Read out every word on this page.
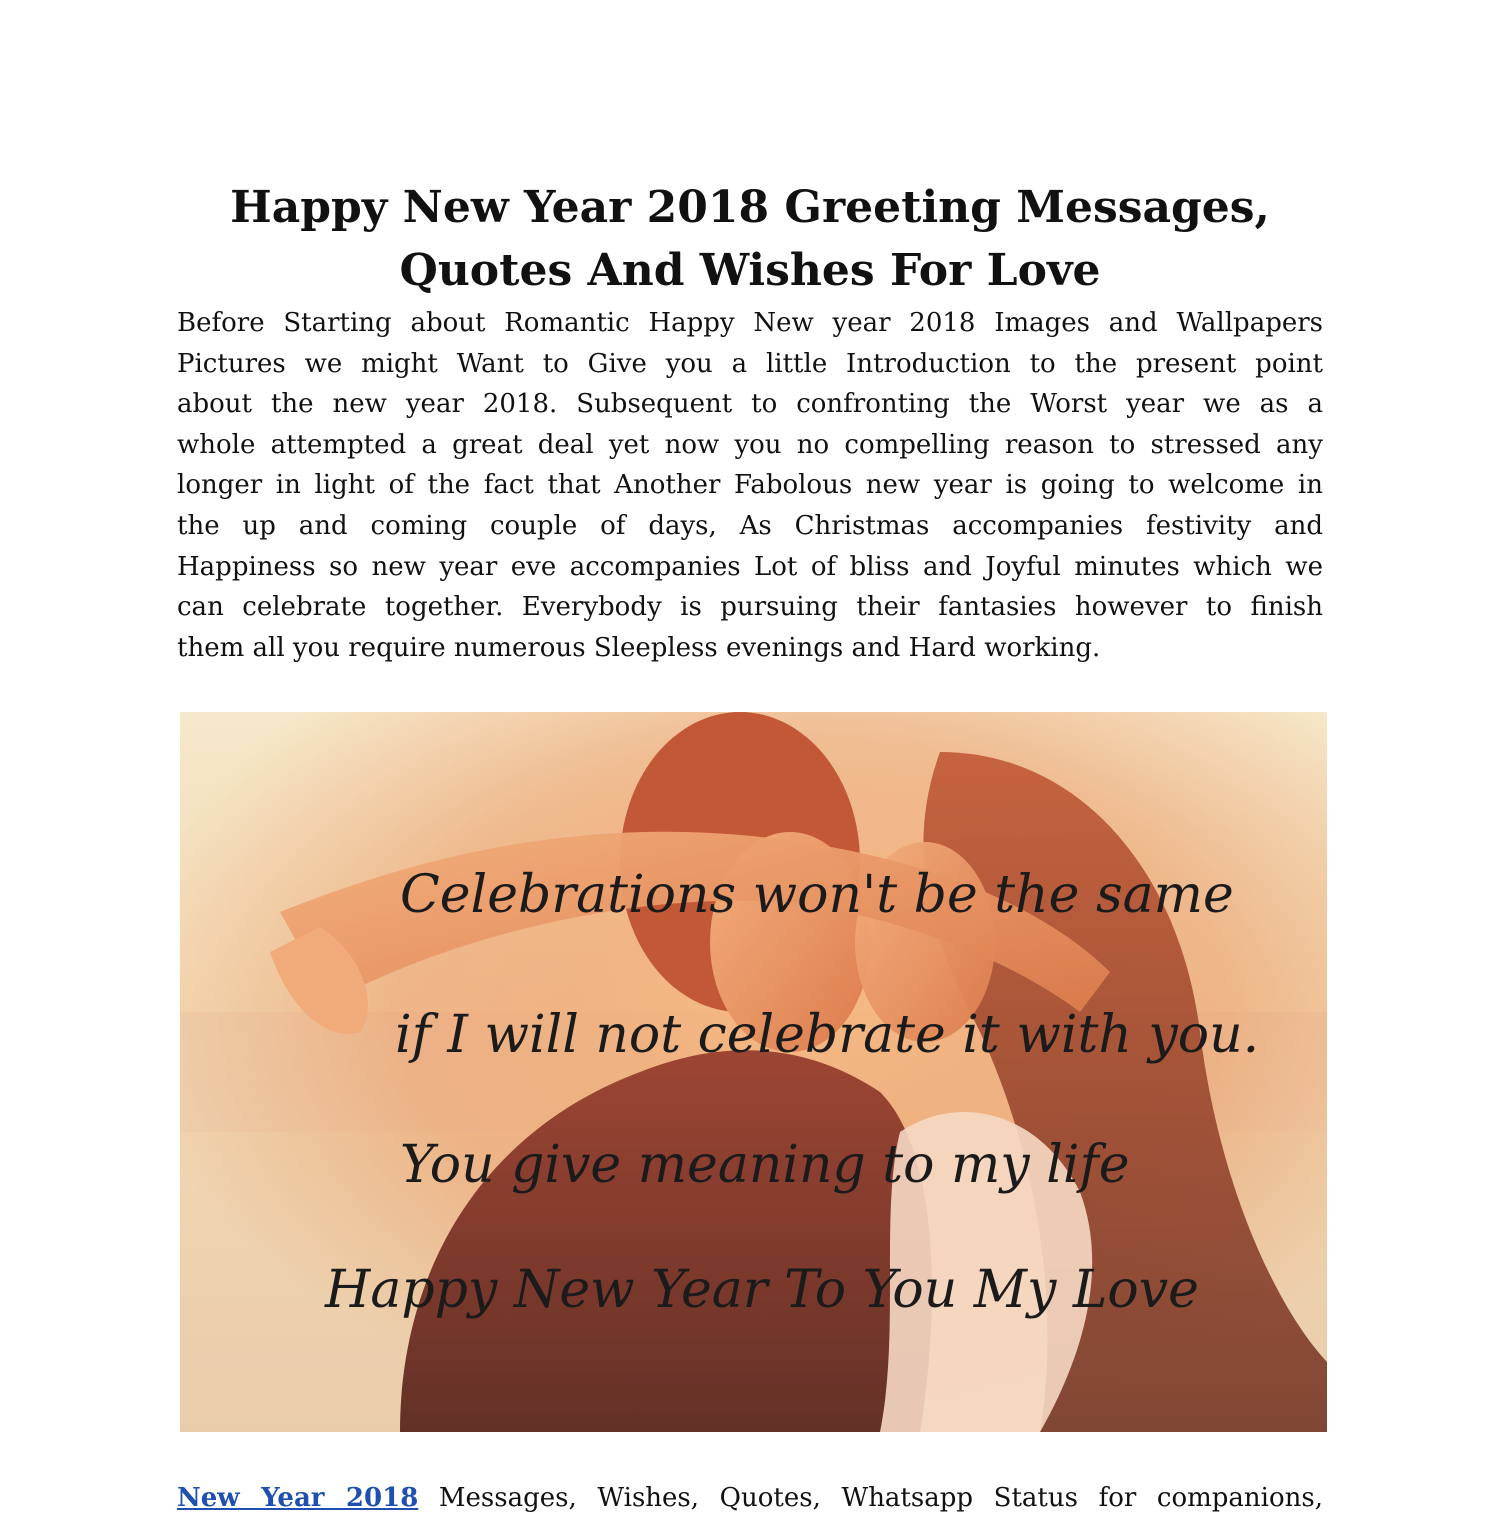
Happy New Year 2018 Greeting Messages,
Quotes And Wishes For Love
Before Starting about Romantic Happy New year 2018 Images and Wallpapers
Pictures we might Want to Give you a little Introduction to the present point
about the new year 2018. Subsequent to confronting the Worst year we as a
whole attempted a great deal yet now you no compelling reason to stressed any
longer in light of the fact that Another Fabolous new year is going to welcome in
the up and coming couple of days, As Christmas accompanies festivity and
Happiness so new year eve accompanies Lot of bliss and Joyful minutes which we
can celebrate together. Everybody is pursuing their fantasies however to finish
them all you require numerous Sleepless evenings and Hard working.
Celebrations won't be the same
if I will not celebrate it with you.
You give meaning to my life
Happy New Year To You My Love

New Year 2018 Messages, Wishes, Quotes, Whatsapp Status for companions,
